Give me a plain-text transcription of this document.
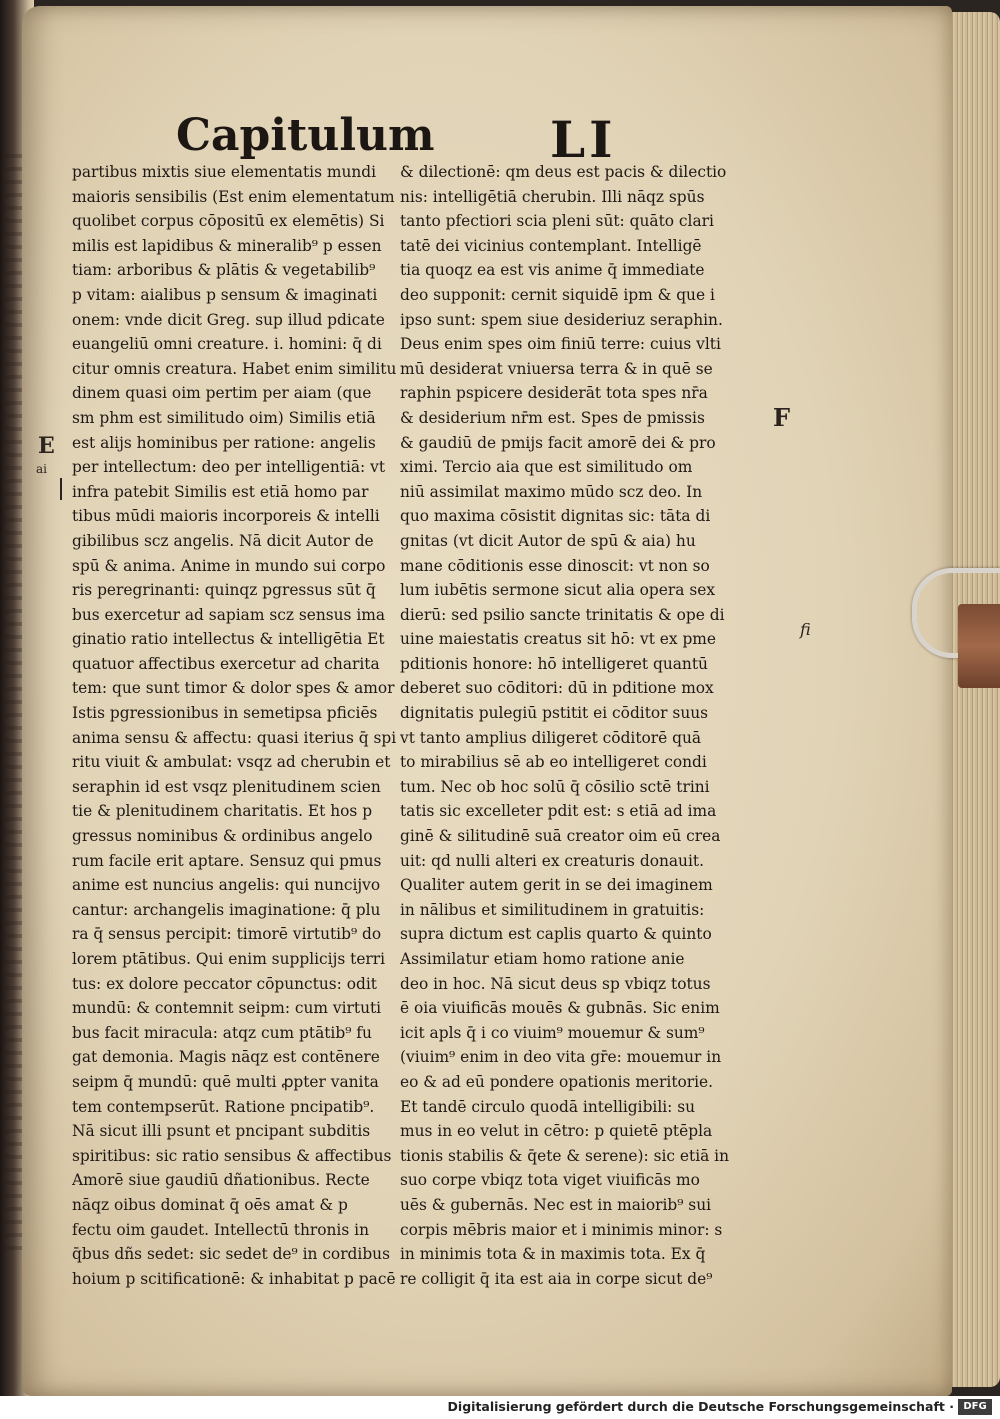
Capitulum LI
partibus mixtis siue elementatis mundi
maioris sensibilis (Est enim elementatum
quolibet corpus cōpositū ex elemētis) Si
milis est lapidibus & mineralib⁹ p essen
tiam: arboribus & plātis & vegetabilib⁹
p vitam: aialibus p sensum & imaginati
onem: vnde dicit Greg. sup illud pdicate
euangeliū omni creature. i. homini: q̄ di
citur omnis creatura. Habet enim similitu
dinem quasi oim pertim per aiam (que
sm phm est similitudo oim) Similis etiā
est alijs hominibus per ratione: angelis
per intellectum: deo per intelligentiā: vt
infra patebit Similis est etiā homo par
tibus mūdi maioris incorporeis & intelli
gibilibus scz angelis. Nā dicit Autor de
spū & anima. Anime in mundo sui corpo
ris peregrinanti: quinqz pgressus sūt q̄
bus exercetur ad sapiam scz sensus ima
ginatio ratio intellectus & intelligētia Et
quatuor affectibus exercetur ad charita
tem: que sunt timor & dolor spes & amor
Istis pgressionibus in semetipsa pficiēs
anima sensu & affectu: quasi iterius q̄ spi
ritu viuit & ambulat: vsqz ad cherubin et
seraphin id est vsqz plenitudinem scien
tie & plenitudinem charitatis. Et hos p
gressus nominibus & ordinibus angelo
rum facile erit aptare. Sensuz qui pmus
anime est nuncius angelis: qui nuncijvo
cantur: archangelis imaginatione: q̄ plu
ra q̄ sensus percipit: timorē virtutib⁹ do
lorem ptātibus. Qui enim supplicijs terri
tus: ex dolore peccator cōpunctus: odit
mundū: & contemnit seipm: cum virtuti
bus facit miracula: atqz cum ptātib⁹ fu
gat demonia. Magis nāqz est contēnere
seipm q̄ mundū: quē multi ꝓpter vanita
tem contempserūt. Ratione pncipatib⁹.
Nā sicut illi psunt et pncipant subditis
spiritibus: sic ratio sensibus & affectibus
Amorē siue gaudiū dñationibus. Recte
nāqz oibus dominat q̄ oēs amat & p
fectu oim gaudet. Intellectū thronis in
q̄bus dñs sedet: sic sedet de⁹ in cordibus
hoium p scitificationē: & inhabitat p pacē
& dilectionē: qm deus est pacis & dilectio
nis: intelligētiā cherubin. Illi nāqz spūs
tanto pfectiori scia pleni sūt: quāto clari
tatē dei vicinius contemplant. Intelligē
tia quoqz ea est vis anime q̄ immediate
deo supponit: cernit siquidē ipm & que i
ipso sunt: spem siue desideriuz seraphin.
Deus enim spes oim finiū terre: cuius vlti
mū desiderat vniuersa terra & in quē se
raphin pspicere desiderāt tota spes nr̄a
& desiderium nr̄m est. Spes de pmissis
& gaudiū de pmijs facit amorē dei & pro
ximi. Tercio aia que est similitudo om
niū assimilat maximo mūdo scz deo. In
quo maxima cōsistit dignitas sic: tāta di
gnitas (vt dicit Autor de spū & aia) hu
mane cōditionis esse dinoscit: vt non so
lum iubētis sermone sicut alia opera sex
dierū: sed psilio sancte trinitatis & ope di
uine maiestatis creatus sit hō: vt ex pme
pditionis honore: hō intelligeret quantū
deberet suo cōditori: dū in pditione mox
dignitatis pulegiū pstitit ei cōditor suus
vt tanto amplius diligeret cōditorē quā
to mirabilius sē ab eo intelligeret condi
tum. Nec ob hoc solū q̄ cōsilio sctē trini
tatis sic excelleter pdit est: s etiā ad ima
ginē & silitudinē suā creator oim eū crea
uit: qd nulli alteri ex creaturis donauit.
Qualiter autem gerit in se dei imaginem
in nālibus et similitudinem in gratuitis:
supra dictum est caplis quarto & quinto
Assimilatur etiam homo ratione anie
deo in hoc. Nā sicut deus sp vbiqz totus
ē oia viuificās mouēs & gubnās. Sic enim
icit apls q̄ i co viuim⁹ mouemur & sum⁹
(viuim⁹ enim in deo vita gr̄e: mouemur in
eo & ad eū pondere opationis meritorie.
Et tandē circulo quodā intelligibili: su
mus in eo velut in cētro: p quietē ptēpla
tionis stabilis & q̄ete & serene): sic etiā in
suo corpe vbiqz tota viget viuificās mo
uēs & gubernās. Nec est in maiorib⁹ sui
corpis mēbris maior et i minimis minor: s
in minimis tota & in maximis tota. Ex q̄
re colligit q̄ ita est aia in corpe sicut de⁹
E
ai
F
fi
Digitalisierung gefördert durch die Deutsche Forschungsgemeinschaft · DFG
